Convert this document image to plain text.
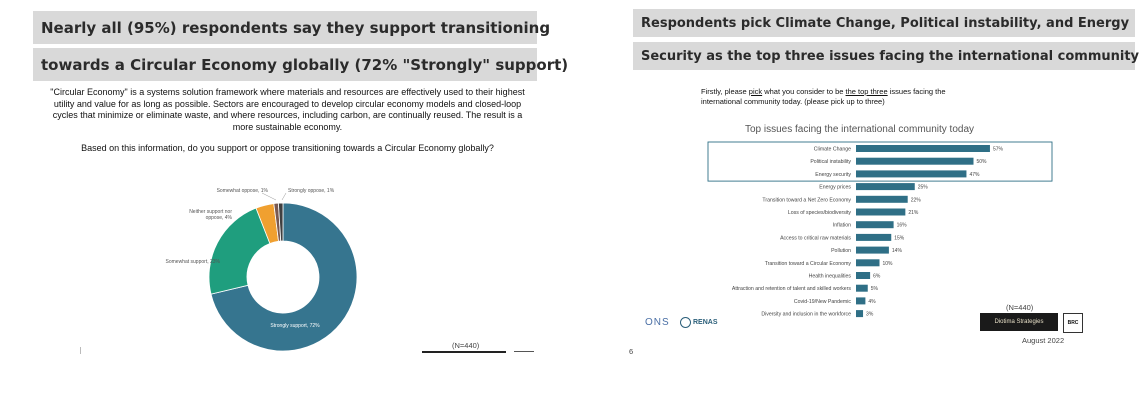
Nearly all (95%) respondents say they support transitioning
towards a Circular Economy globally (72% "Strongly" support)
"Circular Economy" is a systems solution framework where materials and resources are effectively used to their highest utility and value for as long as possible. Sectors are encouraged to develop circular economy models and closed-loop cycles that minimize or eliminate waste, and where resources, including carbon, are continually reused. The result is a more sustainable economy.
Based on this information, do you support or oppose transitioning towards a Circular Economy globally?
Strongly support, 72%
Somewhat support, 23%
Neither support nor oppose, 4%
Somewhat oppose, 1%	Strongly oppose, 1%
(N=440)
Respondents pick Climate Change, Political instability, and Energy
Security as the top three issues facing the international community
Firstly, please pick what you consider to be the top three issues facing the
international community today. (please pick up to three)
Top issues facing the international community today
Climate Change	57%
Political instability	50%
Energy security	47%
Energy prices	25%
Transition toward a Net Zero Economy	22%
Loss of species/biodiversity	21%
Inflation	16%
Access to critical raw materials	15%
Pollution	14%
Transition toward a Circular Economy	10%
Health inequalities	6%
Attraction and retention of talent and skilled workers	5%
Covid-19/New Pandemic	4%
Diversity and inclusion in the workforce	3%
ONS	RENAS
(N=440)
Diotima Strategies	BRC
August 2022
6
